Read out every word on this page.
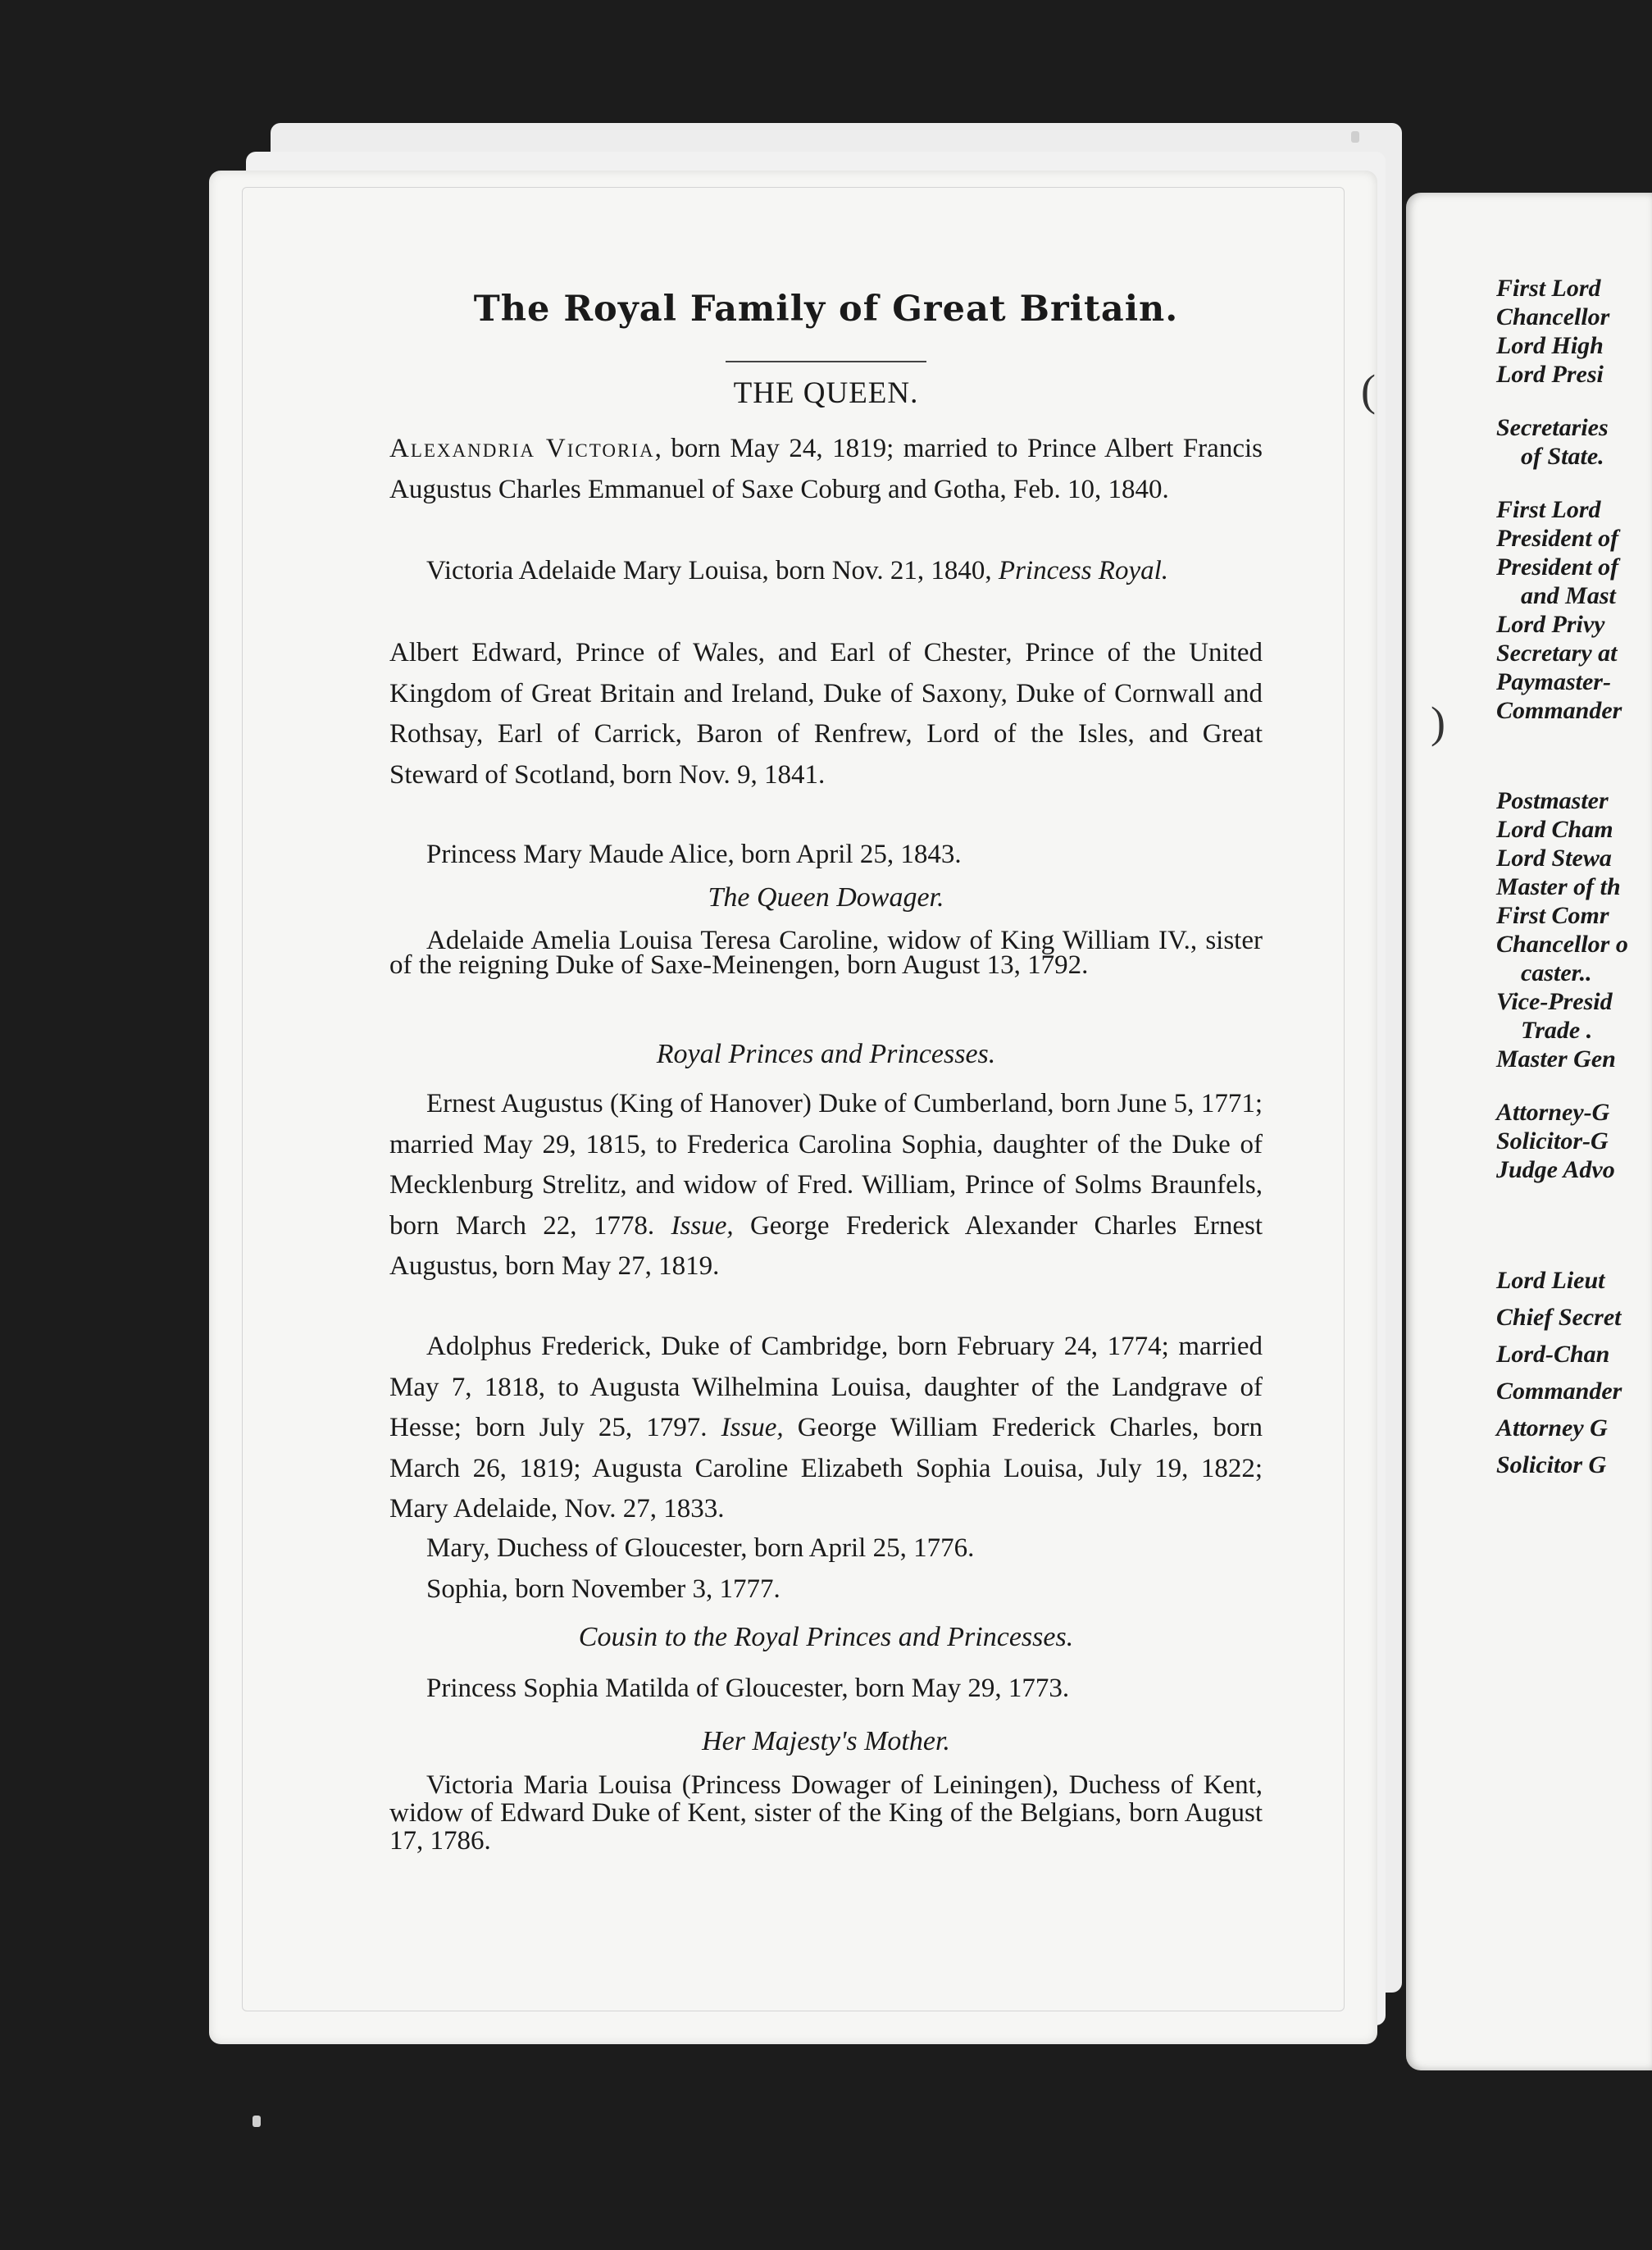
The Royal Family of Great Britain.
THE QUEEN.
Alexandria Victoria, born May 24, 1819; married to Prince Albert Francis Augustus Charles Emmanuel of Saxe Coburg and Gotha, Feb. 10, 1840.
Victoria Adelaide Mary Louisa, born Nov. 21, 1840, Princess Royal.
Albert Edward, Prince of Wales, and Earl of Chester, Prince of the United Kingdom of Great Britain and Ireland, Duke of Saxony, Duke of Cornwall and Rothsay, Earl of Carrick, Baron of Renfrew, Lord of the Isles, and Great Steward of Scotland, born Nov. 9, 1841.
Princess Mary Maude Alice, born April 25, 1843.
The Queen Dowager.
Adelaide Amelia Louisa Teresa Caroline, widow of King William IV., sister of the reigning Duke of Saxe-Meinengen, born August 13, 1792.
Royal Princes and Princesses.
Ernest Augustus (King of Hanover) Duke of Cumberland, born June 5, 1771; married May 29, 1815, to Frederica Carolina Sophia, daughter of the Duke of Mecklenburg Strelitz, and widow of Fred. William, Prince of Solms Braunfels, born March 22, 1778. Issue, George Frederick Alexander Charles Ernest Augustus, born May 27, 1819.
Adolphus Frederick, Duke of Cambridge, born February 24, 1774; married May 7, 1818, to Augusta Wilhelmina Louisa, daughter of the Landgrave of Hesse; born July 25, 1797. Issue, George William Frederick Charles, born March 26, 1819; Augusta Caroline Elizabeth Sophia Louisa, July 19, 1822; Mary Adelaide, Nov. 27, 1833.
Mary, Duchess of Gloucester, born April 25, 1776.
Sophia, born November 3, 1777.
Cousin to the Royal Princes and Princesses.
Princess Sophia Matilda of Gloucester, born May 29, 1773.
Her Majesty's Mother.
Victoria Maria Louisa (Princess Dowager of Leiningen), Duchess of Kent, widow of Edward Duke of Kent, sister of the King of the Belgians, born August 17, 1786.
(
)
First Lord
Chancellor
Lord High
Lord Presi
Secretaries
of State.
First Lord
President of
President of
and Mast
Lord Privy
Secretary at
Paymaster-
Commander
Postmaster
Lord Cham
Lord Stewa
Master of th
First Comr
Chancellor o
caster..
Vice-Presid
Trade .
Master Gen
Attorney-G
Solicitor-G
Judge Advo
Lord Lieut
Chief Secret
Lord-Chan
Commander
Attorney G
Solicitor G
